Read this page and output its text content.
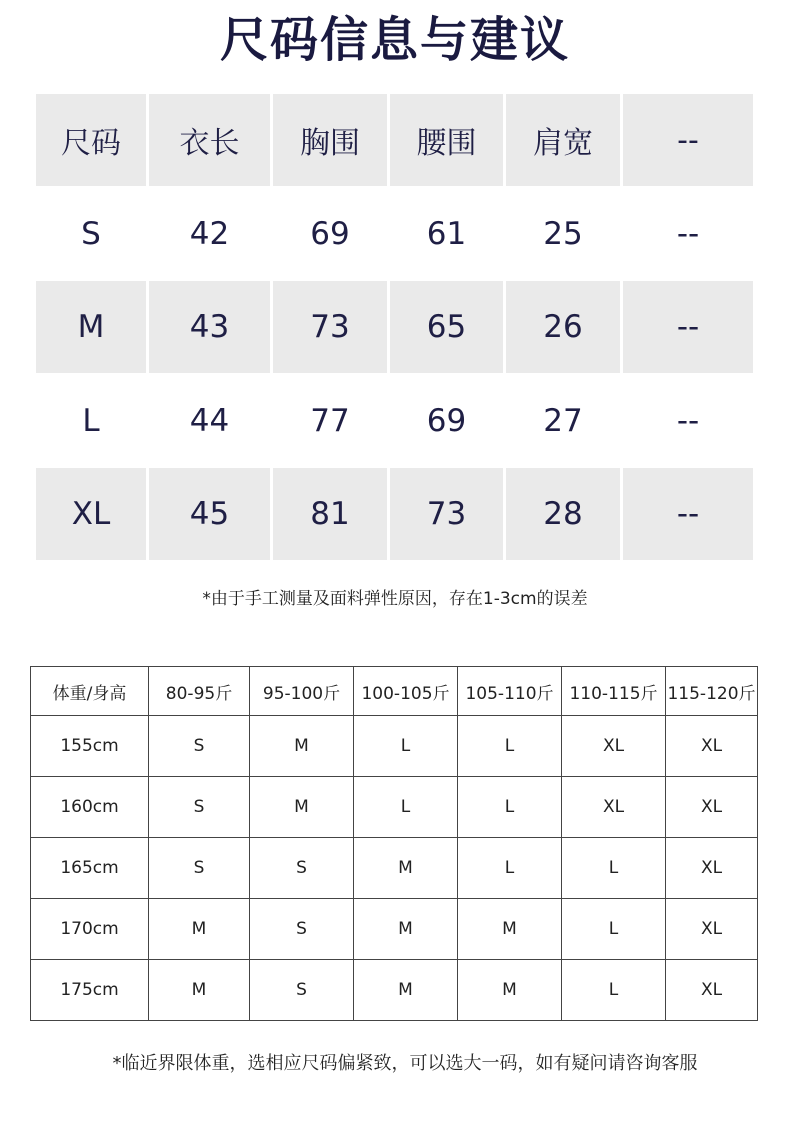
尺码信息与建议
尺码	衣长	胸围	腰围	肩宽	--
S	42	69	61	25	--
M	43	73	65	26	--
L	44	77	69	27	--
XL	45	81	73	28	--
*由于手工测量及面料弹性原因，存在1-3cm的误差
体重/身高	80-95斤	95-100斤	100-105斤	105-110斤	110-115斤	115-120斤
155cm	S	M	L	L	XL	XL
160cm	S	M	L	L	XL	XL
165cm	S	S	M	L	L	XL
170cm	M	S	M	M	L	XL
175cm	M	S	M	M	L	XL
*临近界限体重，选相应尺码偏紧致，可以选大一码，如有疑问请咨询客服
